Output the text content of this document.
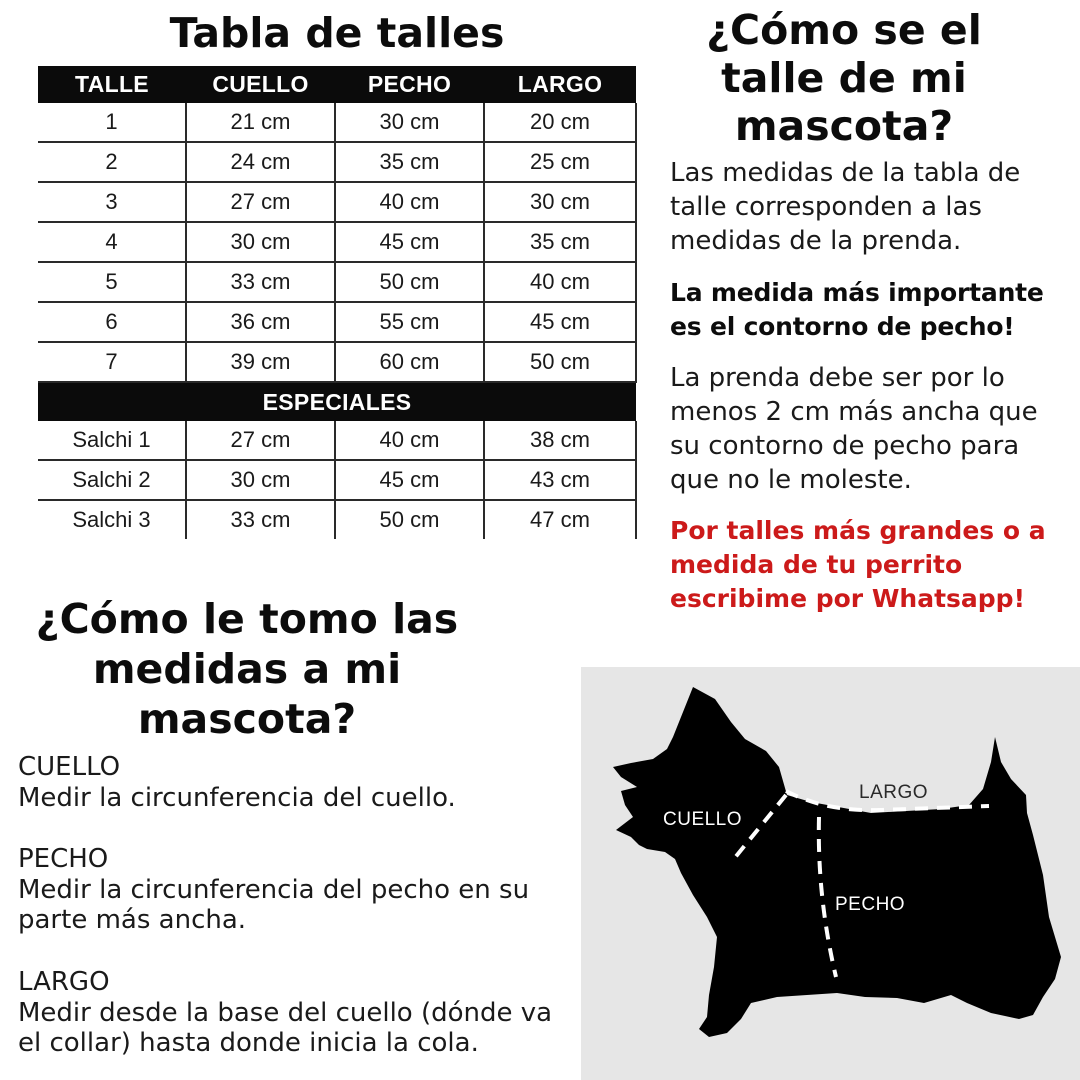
Tabla de talles
TALLE	CUELLO	PECHO	LARGO
1	21 cm	30 cm	20 cm
2	24 cm	35 cm	25 cm
3	27 cm	40 cm	30 cm
4	30 cm	45 cm	35 cm
5	33 cm	50 cm	40 cm
6	36 cm	55 cm	45 cm
7	39 cm	60 cm	50 cm
ESPECIALES			
Salchi 1	27 cm	40 cm	38 cm
Salchi 2	30 cm	45 cm	43 cm
Salchi 3	33 cm	50 cm	47 cm
¿Cómo se el talle de mi mascota?
Las medidas de la tabla de talle corresponden a las medidas de la prenda.
La medida más importante es el contorno de pecho!
La prenda debe ser por lo menos 2 cm más ancha que su contorno de pecho para que no le moleste.
Por talles más grandes o a medida de tu perrito escribime por Whatsapp!
¿Cómo le tomo las medidas a mi mascota?
CUELLO
Medir la circunferencia del cuello.
PECHO
Medir la circunferencia del pecho en su parte más ancha.
LARGO
Medir desde la base del cuello (dónde va el collar) hasta donde inicia la cola.
CUELLO
LARGO
PECHO
